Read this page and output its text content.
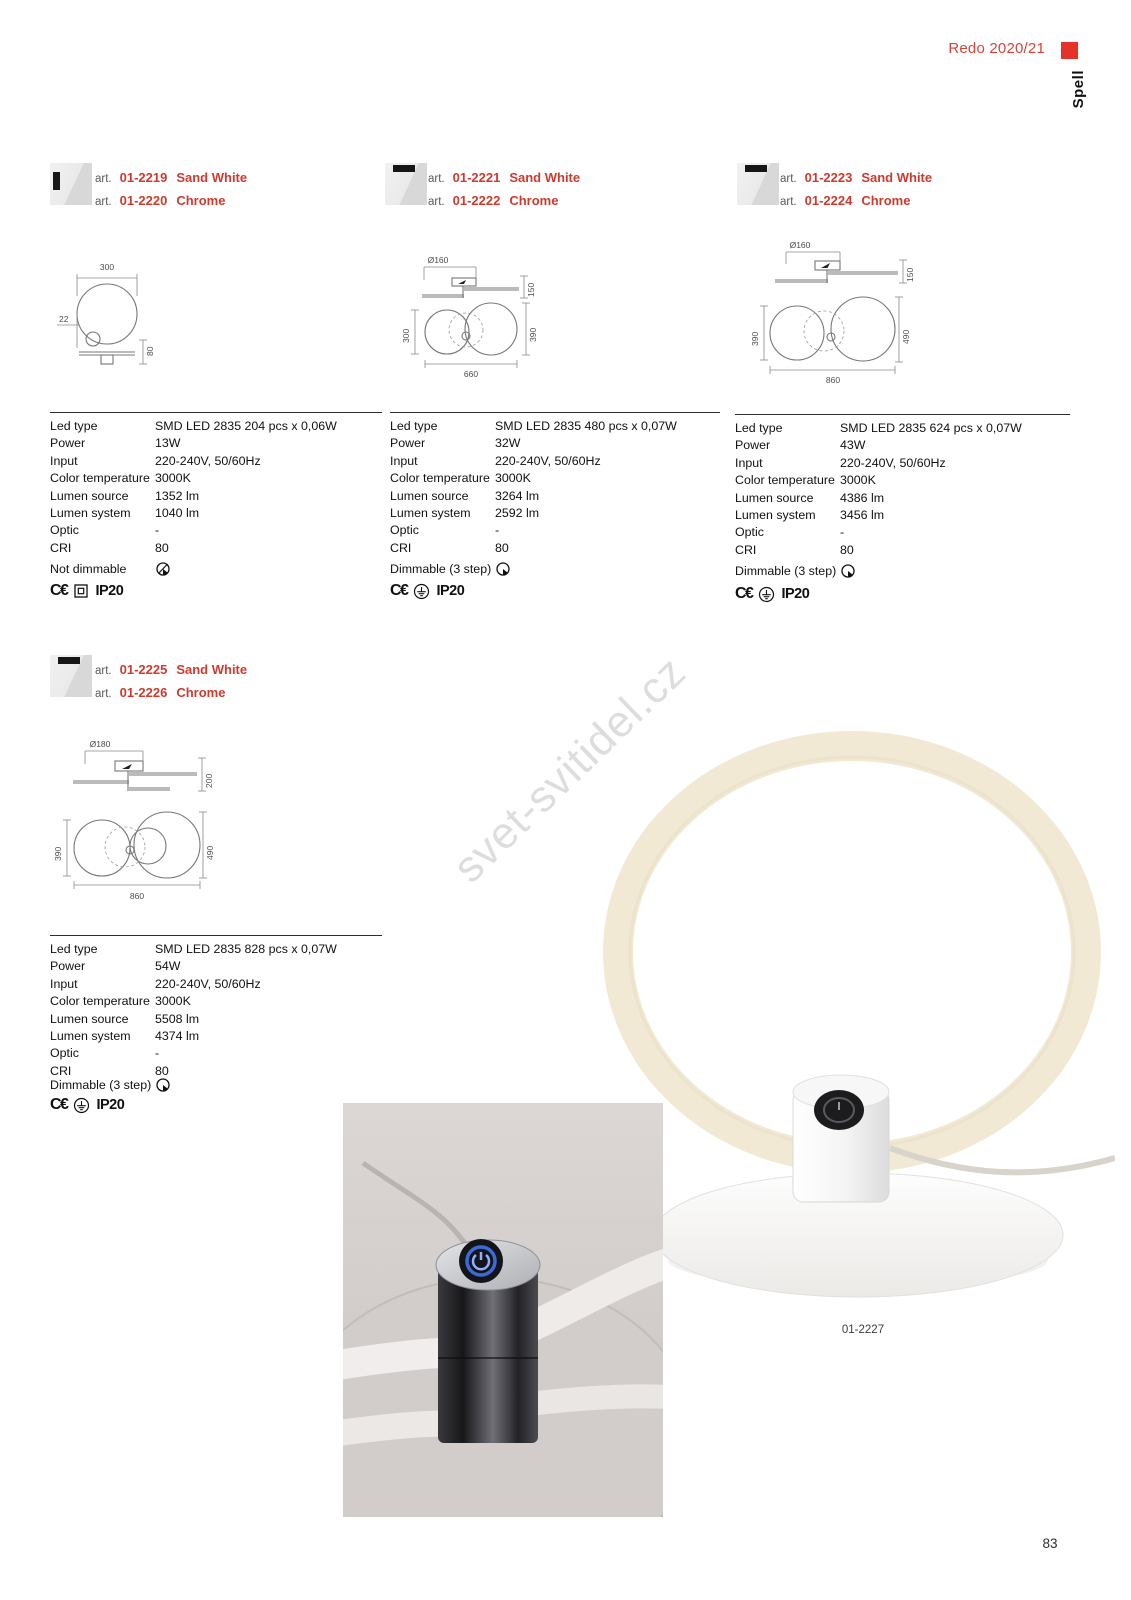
Redo 2020/21
Spell
art. 01-2219 Sand White
art. 01-2220 Chrome
300
22
80
Led type	SMD LED 2835 204 pcs x 0,06W
Power	13W
Input	220-240V, 50/60Hz
Color temperature 3000K
Lumen source	1352 lm
Lumen system	1040 lm
Optic	-
CRI	80
Not dimmable
C€ IP20
art. 01-2221 Sand White
art. 01-2222 Chrome
Ø160
150
300	390
660
Led type	SMD LED 2835 480 pcs x 0,07W
Power	32W
Input	220-240V, 50/60Hz
Color temperature 3000K
Lumen source	3264 lm
Lumen system	2592 lm
Optic	-
CRI	80
Dimmable (3 step)
C€ IP20
art. 01-2223 Sand White
art. 01-2224 Chrome
Ø160
150
390	490
860
Led type	SMD LED 2835 624 pcs x 0,07W
Power	43W
Input	220-240V, 50/60Hz
Color temperature 3000K
Lumen source	4386 lm
Lumen system	3456 lm
Optic	-
CRI	80
Dimmable (3 step)
C€ IP20
art. 01-2225 Sand White
art. 01-2226 Chrome
Ø180
200
390	490
860
Led type	SMD LED 2835 828 pcs x 0,07W
Power	54W
Input	220-240V, 50/60Hz
Color temperature 3000K
Lumen source	5508 lm
Lumen system	4374 lm
Optic	-
CRI	80
Dimmable (3 step)
C€ IP20
svet-svitidel.cz
01-2227
83
